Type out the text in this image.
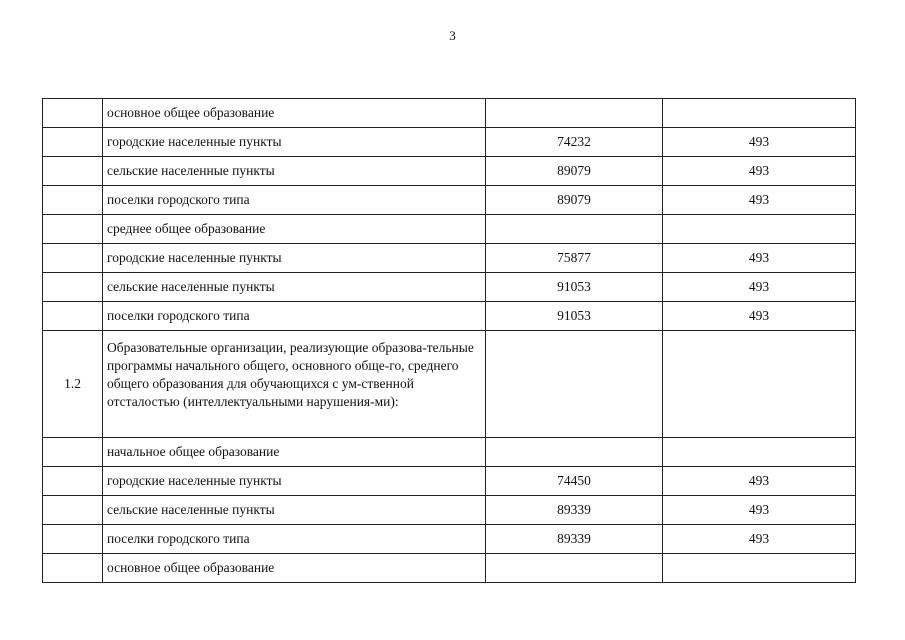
3
	основное общее образование		
	городские населенные пункты	74232	493
	сельские населенные пункты	89079	493
	поселки городского типа	89079	493
	среднее общее образование		
	городские населенные пункты	75877	493
	сельские населенные пункты	91053	493
	поселки городского типа	91053	493
1.2	Образовательные организации, реализующие образова-тельные программы начального общего, основного обще-го, среднего общего образования для обучающихся с ум-ственной отсталостью (интеллектуальными нарушения-ми):		
	начальное общее образование		
	городские населенные пункты	74450	493
	сельские населенные пункты	89339	493
	поселки городского типа	89339	493
	основное общее образование		
